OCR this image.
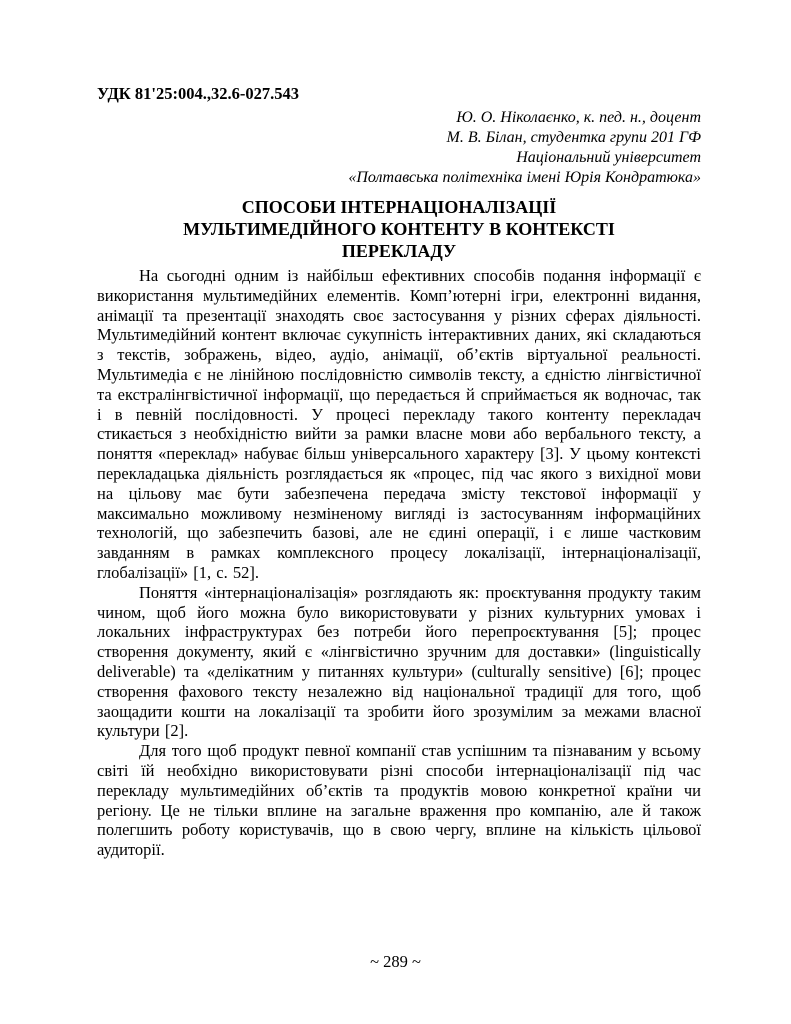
УДК 81'25:004.,32.6-027.543
Ю. О. Ніколаєнко, к. пед. н., доцент
М. В. Білан, студентка групи 201 ГФ
Національний університет
«Полтавська політехніка імені Юрія Кондратюка»
СПОСОБИ ІНТЕРНАЦІОНАЛІЗАЦІЇ МУЛЬТИМЕДІЙНОГО КОНТЕНТУ В КОНТЕКСТІ ПЕРЕКЛАДУ

На сьогодні одним із найбільш ефективних способів подання інформації є використання мультимедійних елементів. Комп’ютерні ігри, електронні видання, анімації та презентації знаходять своє застосування у різних сферах діяльності. Мультимедійний контент включає сукупність інтерактивних даних, які складаються з текстів, зображень, відео, аудіо, анімації, об’єктів віртуальної реальності. Мультимедіа є не лінійною послідовністю символів тексту, а єдністю лінгвістичної та екстралінгвістичної інформації, що передається й сприймається як водночас, так і в певній послідовності. У процесі перекладу такого контенту перекладач стикається з необхідністю вийти за рамки власне мови або вербального тексту, а поняття «переклад» набуває більш універсального характеру [3]. У цьому контексті перекладацька діяльність розглядається як «процес, під час якого з вихідної мови на цільову має бути забезпечена передача змісту текстової інформації у максимально можливому незміненому вигляді із застосуванням інформаційних технологій, що забезпечить базові, але не єдині операції, і є лише частковим завданням в рамках комплексного процесу локалізації, інтернаціоналізації, глобалізації» [1, с. 52].

Поняття «інтернаціоналізація» розглядають як: проєктування продукту таким чином, щоб його можна було використовувати у різних культурних умовах і локальних інфраструктурах без потреби його перепроєктування [5]; процес створення документу, який є «лінгвістично зручним для доставки» (linguistically deliverable) та «делікатним у питаннях культури» (culturally sensitive) [6]; процес створення фахового тексту незалежно від національної традиції для того, щоб заощадити кошти на локалізації та зробити його зрозумілим за межами власної культури [2].

Для того щоб продукт певної компанії став успішним та пізнаваним у всьому світі їй необхідно використовувати різні способи інтернаціоналізації під час перекладу мультимедійних об’єктів та продуктів мовою конкретної країни чи регіону. Це не тільки вплине на загальне враження про компанію, але й також полегшить роботу користувачів, що в свою чергу, вплине на кількість цільової аудиторії.

~ 289 ~
